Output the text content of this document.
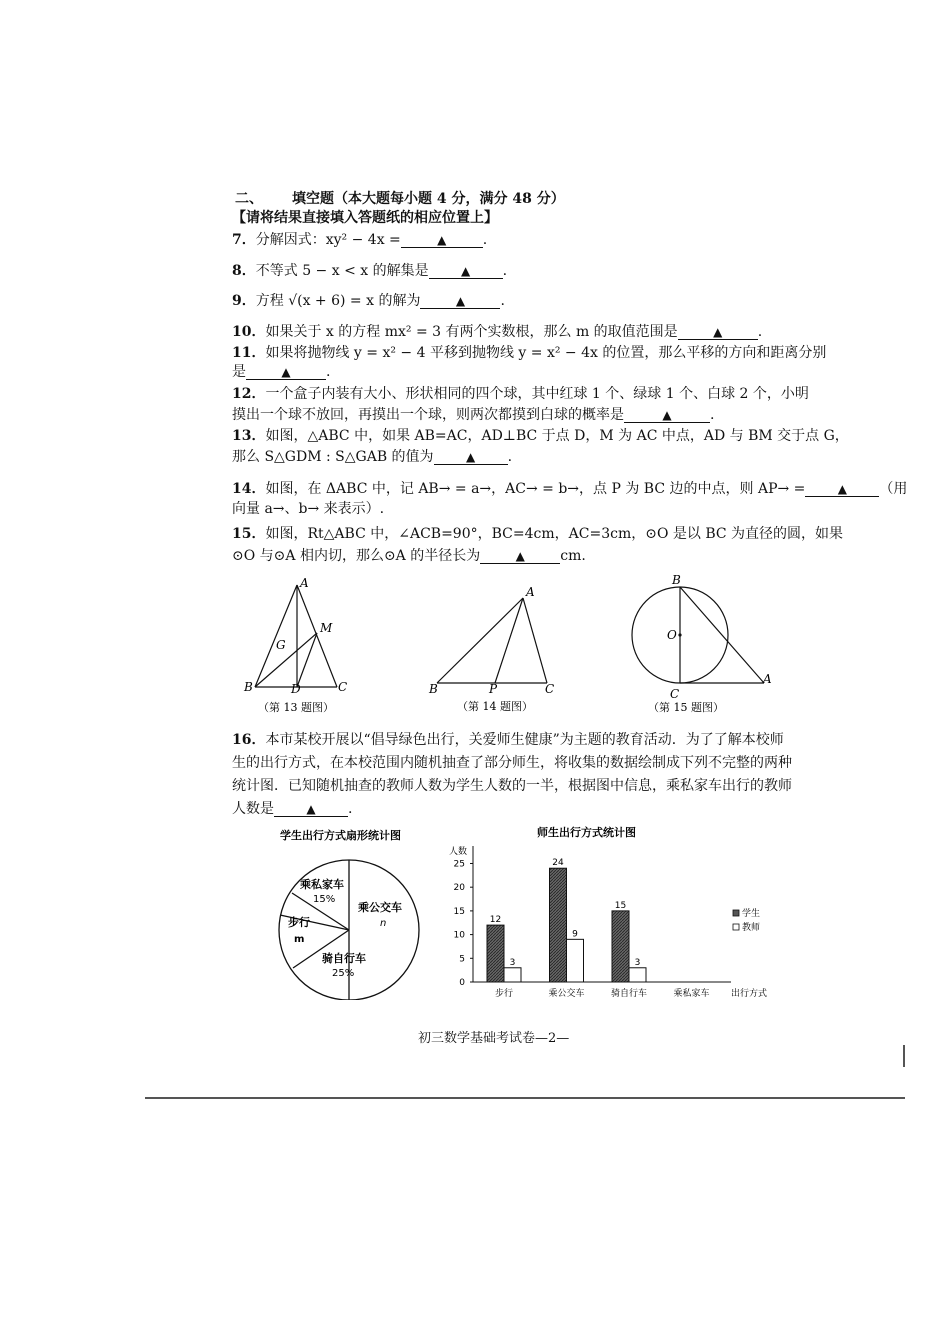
二、 填空题（本大题每小题 4 分，满分 48 分）
【请将结果直接填入答题纸的相应位置上】
7．分解因式：xy² − 4x =	▲	.
8．不等式 5 − x < x 的解集是	▲ .
9．方程 √(x + 6) = x 的解为	▲	.
10．如果关于 x 的方程 mx² = 3 有两个实数根，那么 m 的取值范围是	▲	.
11．如果将抛物线 y = x² − 4 平移到抛物线 y = x² − 4x 的位置，那么平移的方向和距离分别
是	▲	.
12．一个盒子内装有大小、形状相同的四个球，其中红球 1 个、绿球 1 个、白球 2 个，小明
摸出一个球不放回，再摸出一个球，则两次都摸到白球的概率是	▲	.
13．如图，△ABC 中，如果 AB=AC，AD⊥BC 于点 D，M 为 AC 中点，AD 与 BM 交于点 G，
那么 S△GDM : S△GAB 的值为	▲ .
14．如图，在 ΔABC 中，记 AB→ = a→，AC→ = b→，点 P 为 BC 边的中点，则 AP→ =	▲ （用
向量 a→、b→ 来表示）.
15．如图，Rt△ABC 中，∠ACB=90°，BC=4cm，AC=3cm，⊙O 是以 BC 为直径的圆，如果
⊙O 与⊙A 相内切，那么⊙A 的半径长为	▲	cm.
A
M
G
B	D	C
（第 13 题图）
A
B	P	C
（第 14 题图）
B
O
C
A
（第 15 题图）
16．本市某校开展以“倡导绿色出行，关爱师生健康”为主题的教育活动．为了了解本校师
生的出行方式，在本校范围内随机抽查了部分师生，将收集的数据绘制成下列不完整的两种
统计图．已知随机抽查的教师人数为学生人数的一半，根据图中信息，乘私家车出行的教师
人数是	▲ .
学生出行方式扇形统计图
乘私家车
15%
乘公交车
n
步行
m
骑自行车
25%
师生出行方式统计图
人数
出行方式
0
5
10
15
20
25
12
3
步行
24
9
乘公交车
15
3
骑自行车	乘私家车
学生
教师
初三数学基础考试卷—2—
